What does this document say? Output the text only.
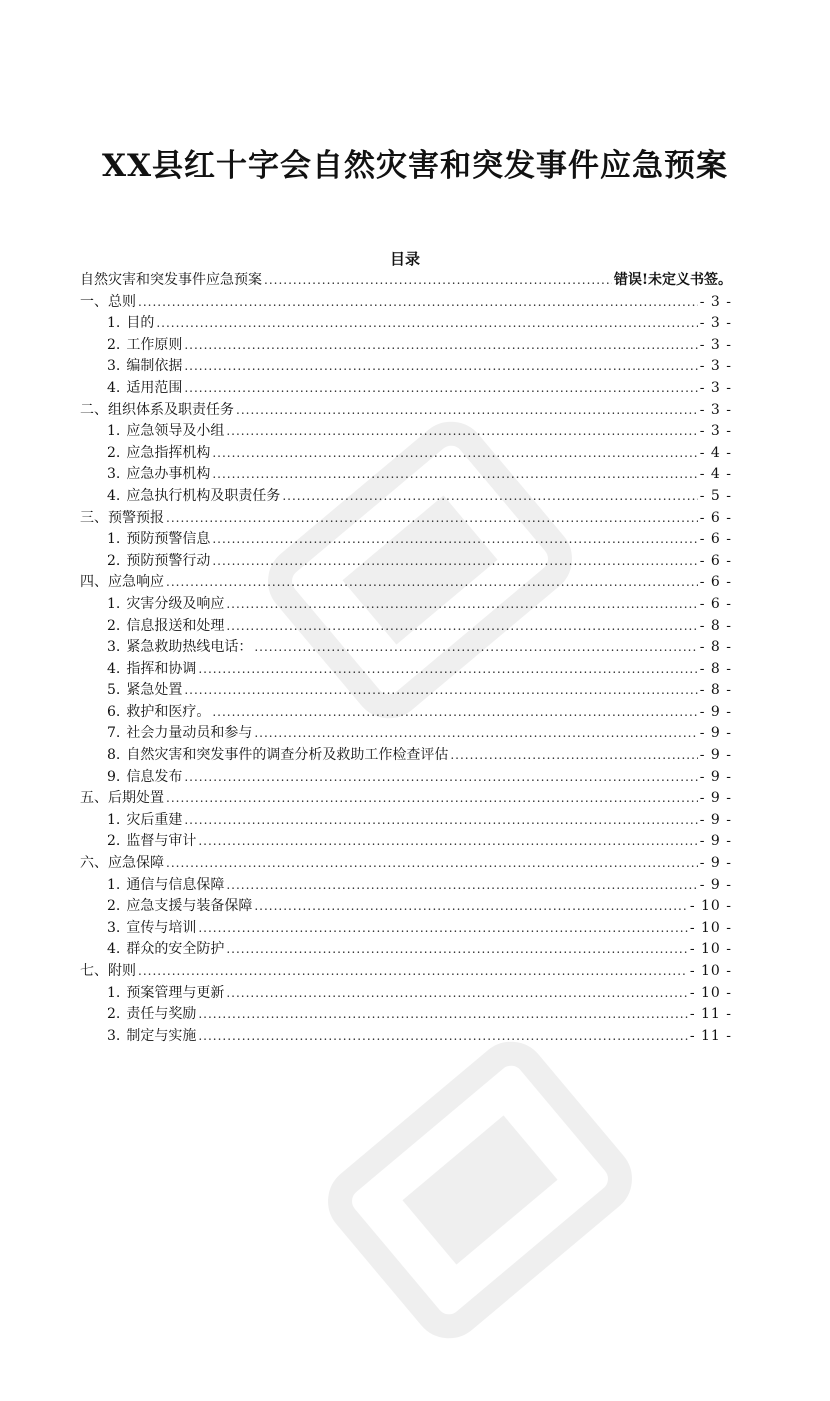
XX县红十字会自然灾害和突发事件应急预案
目录
自然灾害和突发事件应急预案 .....	错误!未定义书签。
一、总则 .....	- 3 -
1. 目的 .....	- 3 -
2. 工作原则 .....	- 3 -
3. 编制依据 .....	- 3 -
4. 适用范围 .....	- 3 -
二、组织体系及职责任务 .....	- 3 -
1. 应急领导及小组 .....	- 3 -
2. 应急指挥机构 .....	- 4 -
3. 应急办事机构 .....	- 4 -
4. 应急执行机构及职责任务 .....	- 5 -
三、预警预报 .....	- 6 -
1. 预防预警信息 .....	- 6 -
2. 预防预警行动 .....	- 6 -
四、应急响应 .....	- 6 -
1. 灾害分级及响应 .....	- 6 -
2. 信息报送和处理 .....	- 8 -
3. 紧急救助热线电话： .....	- 8 -
4. 指挥和协调 .....	- 8 -
5. 紧急处置 .....	- 8 -
6. 救护和医疗。 .....	- 9 -
7. 社会力量动员和参与 .....	- 9 -
8. 自然灾害和突发事件的调查分析及救助工作检查评估 .....	- 9 -
9. 信息发布 .....	- 9 -
五、后期处置 .....	- 9 -
1. 灾后重建 .....	- 9 -
2. 监督与审计 .....	- 9 -
六、应急保障 .....	- 9 -
1. 通信与信息保障 .....	- 9 -
2. 应急支援与装备保障 .....	- 10 -
3. 宣传与培训 .....	- 10 -
4. 群众的安全防护 .....	- 10 -
七、附则 .....	- 10 -
1. 预案管理与更新 .....	- 10 -
2. 责任与奖励 .....	- 11 -
3. 制定与实施 .....	- 11 -
